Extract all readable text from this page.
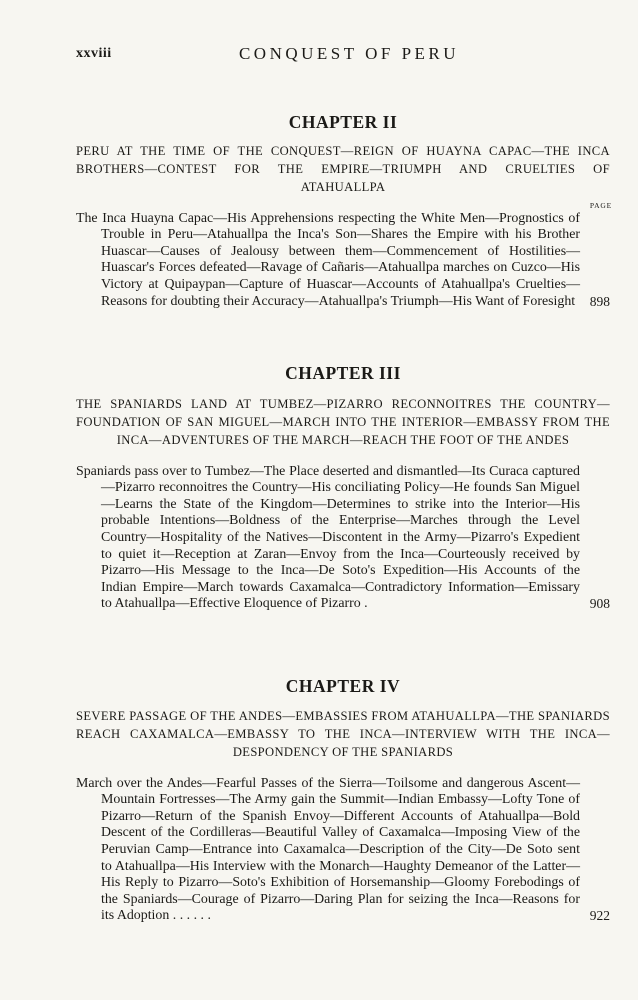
xxviii	CONQUEST OF PERU
CHAPTER II

PERU AT THE TIME OF THE CONQUEST—REIGN OF HUAYNA CAPAC—THE INCA BROTHERS—CONTEST FOR THE EMPIRE—TRIUMPH AND CRUELTIES OF ATAHUALLPA

PAGE
The Inca Huayna Capac—His Apprehensions respecting the White Men—Prognostics of Trouble in Peru—Atahuallpa the Inca's Son—Shares the Empire with his Brother Huascar—Causes of Jealousy between them—Commencement of Hostilities—Huascar's Forces defeated—Ravage of Cañaris—Atahuallpa marches on Cuzco—His Victory at Quipaypan—Capture of Huascar—Accounts of Atahuallpa's Cruelties—Reasons for doubting their Accuracy—Atahuallpa's Triumph—His Want of Foresight 898
CHAPTER III

THE SPANIARDS LAND AT TUMBEZ—PIZARRO RECONNOITRES THE COUNTRY—FOUNDATION OF SAN MIGUEL—MARCH INTO THE INTERIOR—EMBASSY FROM THE INCA—ADVENTURES OF THE MARCH—REACH THE FOOT OF THE ANDES

Spaniards pass over to Tumbez—The Place deserted and dismantled—Its Curaca captured—Pizarro reconnoitres the Country—His conciliating Policy—He founds San Miguel—Learns the State of the Kingdom—Determines to strike into the Interior—His probable Intentions—Boldness of the Enterprise—Marches through the Level Country—Hospitality of the Natives—Discontent in the Army—Pizarro's Expedient to quiet it—Reception at Zaran—Envoy from the Inca—Courteously received by Pizarro—His Message to the Inca—De Soto's Expedition—His Accounts of the Indian Empire—March towards Caxamalca—Contradictory Information—Emissary to Atahuallpa—Effective Eloquence of Pizarro .	908
CHAPTER IV

SEVERE PASSAGE OF THE ANDES—EMBASSIES FROM ATAHUALLPA—THE SPANIARDS REACH CAXAMALCA—EMBASSY TO THE INCA—INTERVIEW WITH THE INCA—DESPONDENCY OF THE SPANIARDS

March over the Andes—Fearful Passes of the Sierra—Toilsome and dangerous Ascent—Mountain Fortresses—The Army gain the Summit—Indian Embassy—Lofty Tone of Pizarro—Return of the Spanish Envoy—Different Accounts of Atahuallpa—Bold Descent of the Cordilleras—Beautiful Valley of Caxamalca—Imposing View of the Peruvian Camp—Entrance into Caxamalca—Description of the City—De Soto sent to Atahuallpa—His Interview with the Monarch—Haughty Demeanor of the Latter—His Reply to Pizarro—Soto's Exhibition of Horsemanship—Gloomy Forebodings of the Spaniards—Courage of Pizarro—Daring Plan for seizing the Inca—Reasons for its Adoption . . . . . .	922
